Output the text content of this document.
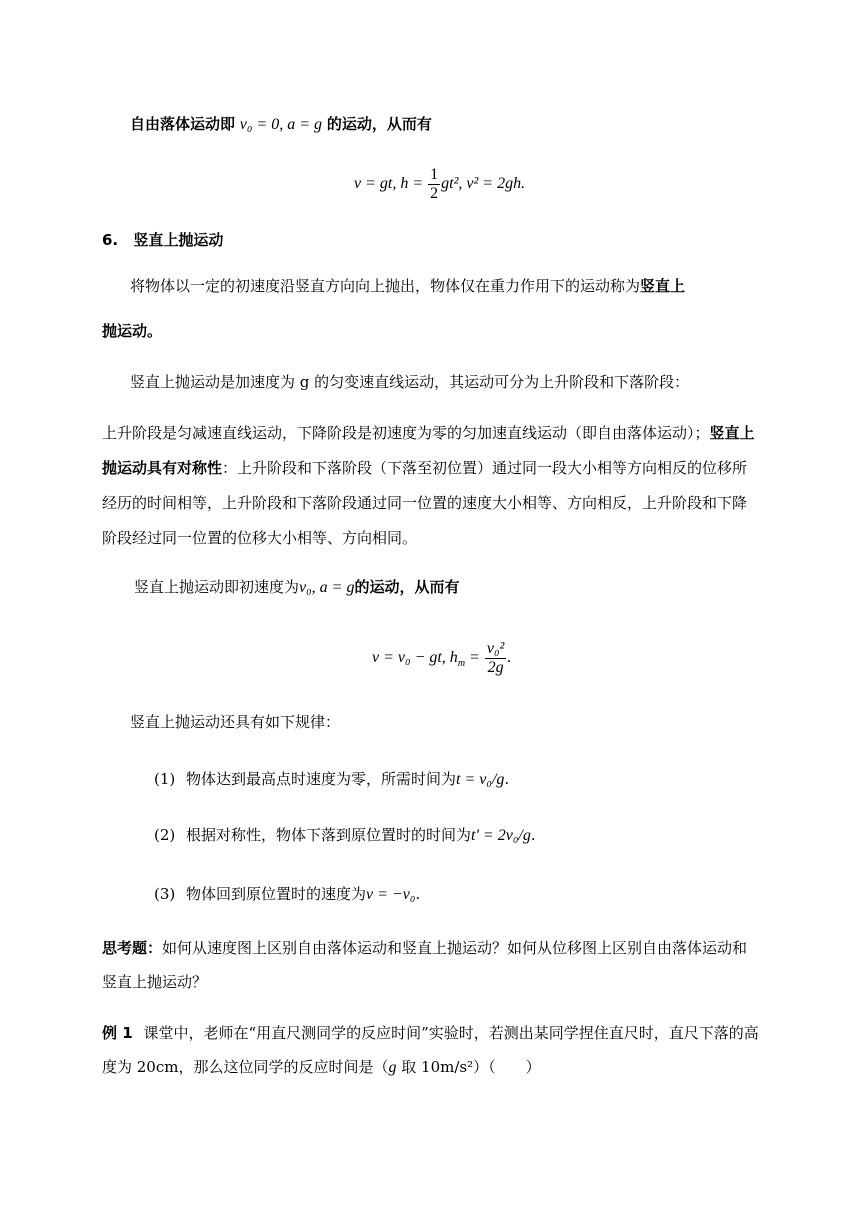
自由落体运动即 v₀ = 0, a = g 的运动，从而有
v = gt, $h = \frac{1}{2} gt^2$, v² = 2gh.
6. 竖直上抛运动
将物体以一定的初速度沿竖直方向向上抛出，物体仅在重力作用下的运动称为竖直上
抛运动。
竖直上抛运动是加速度为 g 的匀变速直线运动，其运动可分为上升阶段和下落阶段：
上升阶段是匀减速直线运动，下降阶段是初速度为零的匀加速直线运动（即自由落体运动）；竖直上
抛运动具有对称性：上升阶段和下落阶段（下落至初位置）通过同一段大小相等方向相反的位移所
经历的时间相等，上升阶段和下落阶段通过同一位置的速度大小相等、方向相反，上升阶段和下降
阶段经过同一位置的位移大小相等、方向相同。
竖直上抛运动即初速度为v₀, a = g的运动，从而有
v = v₀ − gt, $h_m = \frac{\text{v₀²}}{2g}$ .
竖直上抛运动还具有如下规律：
(1) 物体达到最高点时速度为零，所需时间为t = v₀/g.
(2) 根据对称性，物体下落到原位置时的时间为t' = 2v₀/g.
(3) 物体回到原位置时的速度为v = −v₀.
思考题：如何从速度图上区别自由落体运动和竖直上抛运动？如何从位移图上区别自由落体运动和
竖直上抛运动？
例 1 课堂中，老师在“用直尺测同学的反应时间”实验时，若测出某同学捏住直尺时，直尺下落的高
度为 20cm，那么这位同学的反应时间是（g 取 10m/s²）（　　）
